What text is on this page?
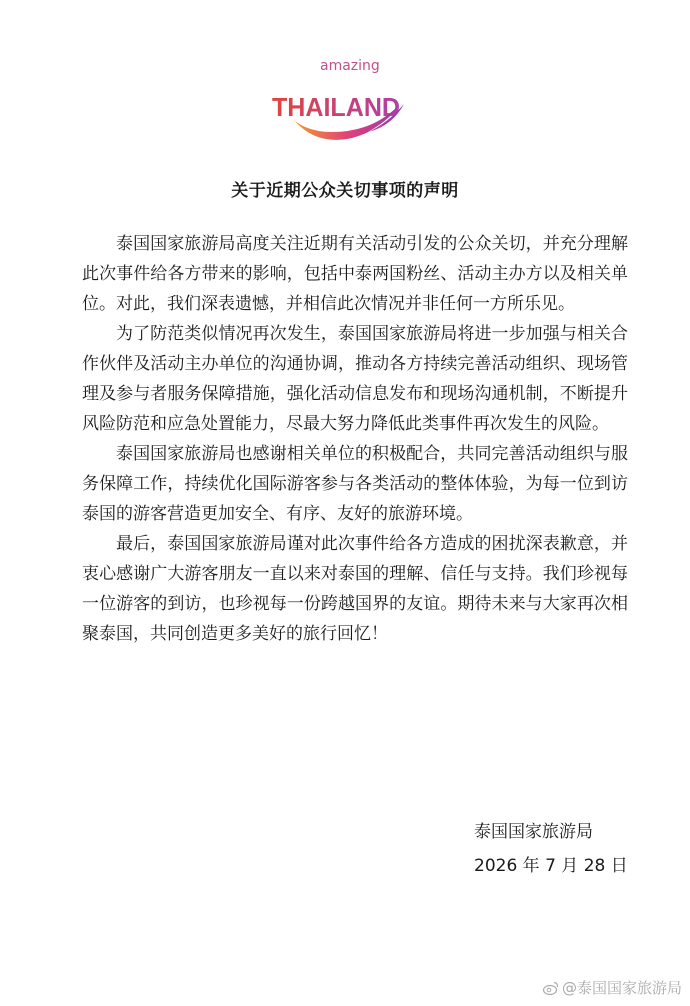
amazing
THAILAND
关于近期公众关切事项的声明

泰国国家旅游局高度关注近期有关活动引发的公众关切，并充分理解此次事件给各方带来的影响，包括中泰两国粉丝、活动主办方以及相关单位。对此，我们深表遗憾，并相信此次情况并非任何一方所乐见。

为了防范类似情况再次发生，泰国国家旅游局将进一步加强与相关合作伙伴及活动主办单位的沟通协调，推动各方持续完善活动组织、现场管理及参与者服务保障措施，强化活动信息发布和现场沟通机制，不断提升风险防范和应急处置能力，尽最大努力降低此类事件再次发生的风险。

泰国国家旅游局也感谢相关单位的积极配合，共同完善活动组织与服务保障工作，持续优化国际游客参与各类活动的整体体验，为每一位到访泰国的游客营造更加安全、有序、友好的旅游环境。

最后，泰国国家旅游局谨对此次事件给各方造成的困扰深表歉意，并衷心感谢广大游客朋友一直以来对泰国的理解、信任与支持。我们珍视每一位游客的到访，也珍视每一份跨越国界的友谊。期待未来与大家再次相聚泰国，共同创造更多美好的旅行回忆！

泰国国家旅游局
2026 年 7 月 28 日
@泰国国家旅游局
